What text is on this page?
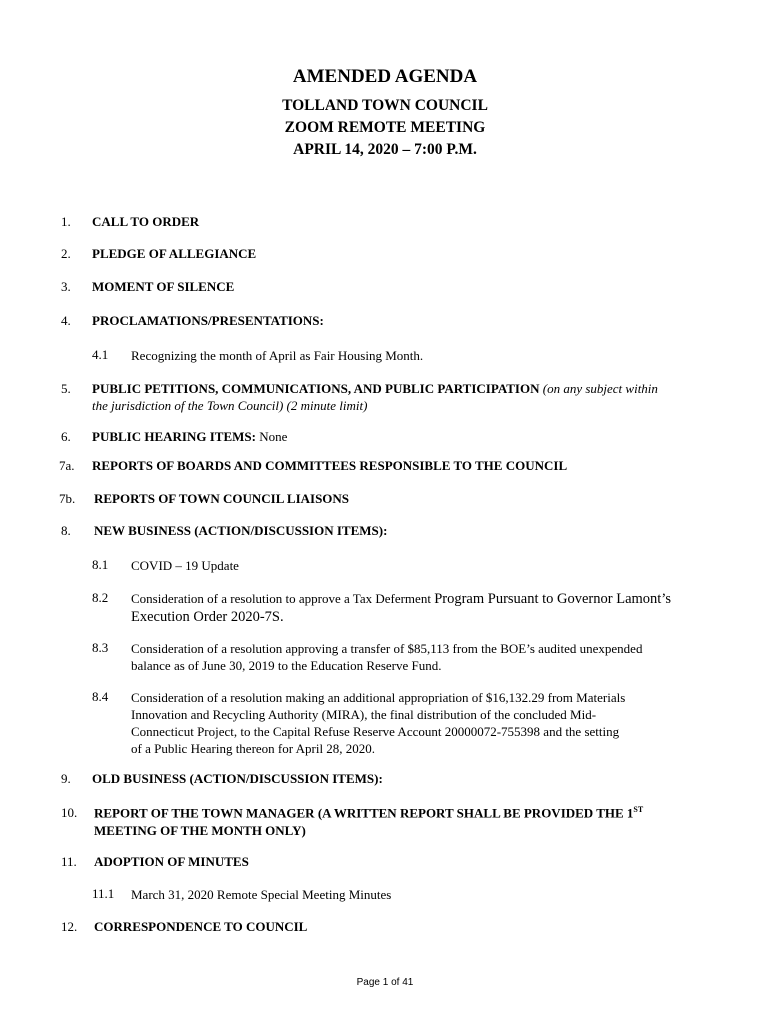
AMENDED AGENDA
TOLLAND TOWN COUNCIL
ZOOM REMOTE MEETING
APRIL 14, 2020 – 7:00 P.M.
1. CALL TO ORDER
2. PLEDGE OF ALLEGIANCE
3. MOMENT OF SILENCE
4. PROCLAMATIONS/PRESENTATIONS:
4.1 Recognizing the month of April as Fair Housing Month.
5. PUBLIC PETITIONS, COMMUNICATIONS, AND PUBLIC PARTICIPATION (on any subject within
the jurisdiction of the Town Council) (2 minute limit)
6. PUBLIC HEARING ITEMS: None
7a. REPORTS OF BOARDS AND COMMITTEES RESPONSIBLE TO THE COUNCIL
7b. REPORTS OF TOWN COUNCIL LIAISONS
8. NEW BUSINESS (ACTION/DISCUSSION ITEMS):
8.1 COVID – 19 Update
8.2 Consideration of a resolution to approve a Tax Deferment Program Pursuant to Governor Lamont’s
Execution Order 2020-7S.
8.3 Consideration of a resolution approving a transfer of $85,113 from the BOE’s audited unexpended
balance as of June 30, 2019 to the Education Reserve Fund.
8.4 Consideration of a resolution making an additional appropriation of $16,132.29 from Materials
Innovation and Recycling Authority (MIRA), the final distribution of the concluded Mid-
Connecticut Project, to the Capital Refuse Reserve Account 20000072-755398 and the setting
of a Public Hearing thereon for April 28, 2020.
9. OLD BUSINESS (ACTION/DISCUSSION ITEMS):
10. REPORT OF THE TOWN MANAGER (A WRITTEN REPORT SHALL BE PROVIDED THE 1ST
MEETING OF THE MONTH ONLY)
11. ADOPTION OF MINUTES
11.1 March 31, 2020 Remote Special Meeting Minutes
12. CORRESPONDENCE TO COUNCIL
Page 1 of 41
